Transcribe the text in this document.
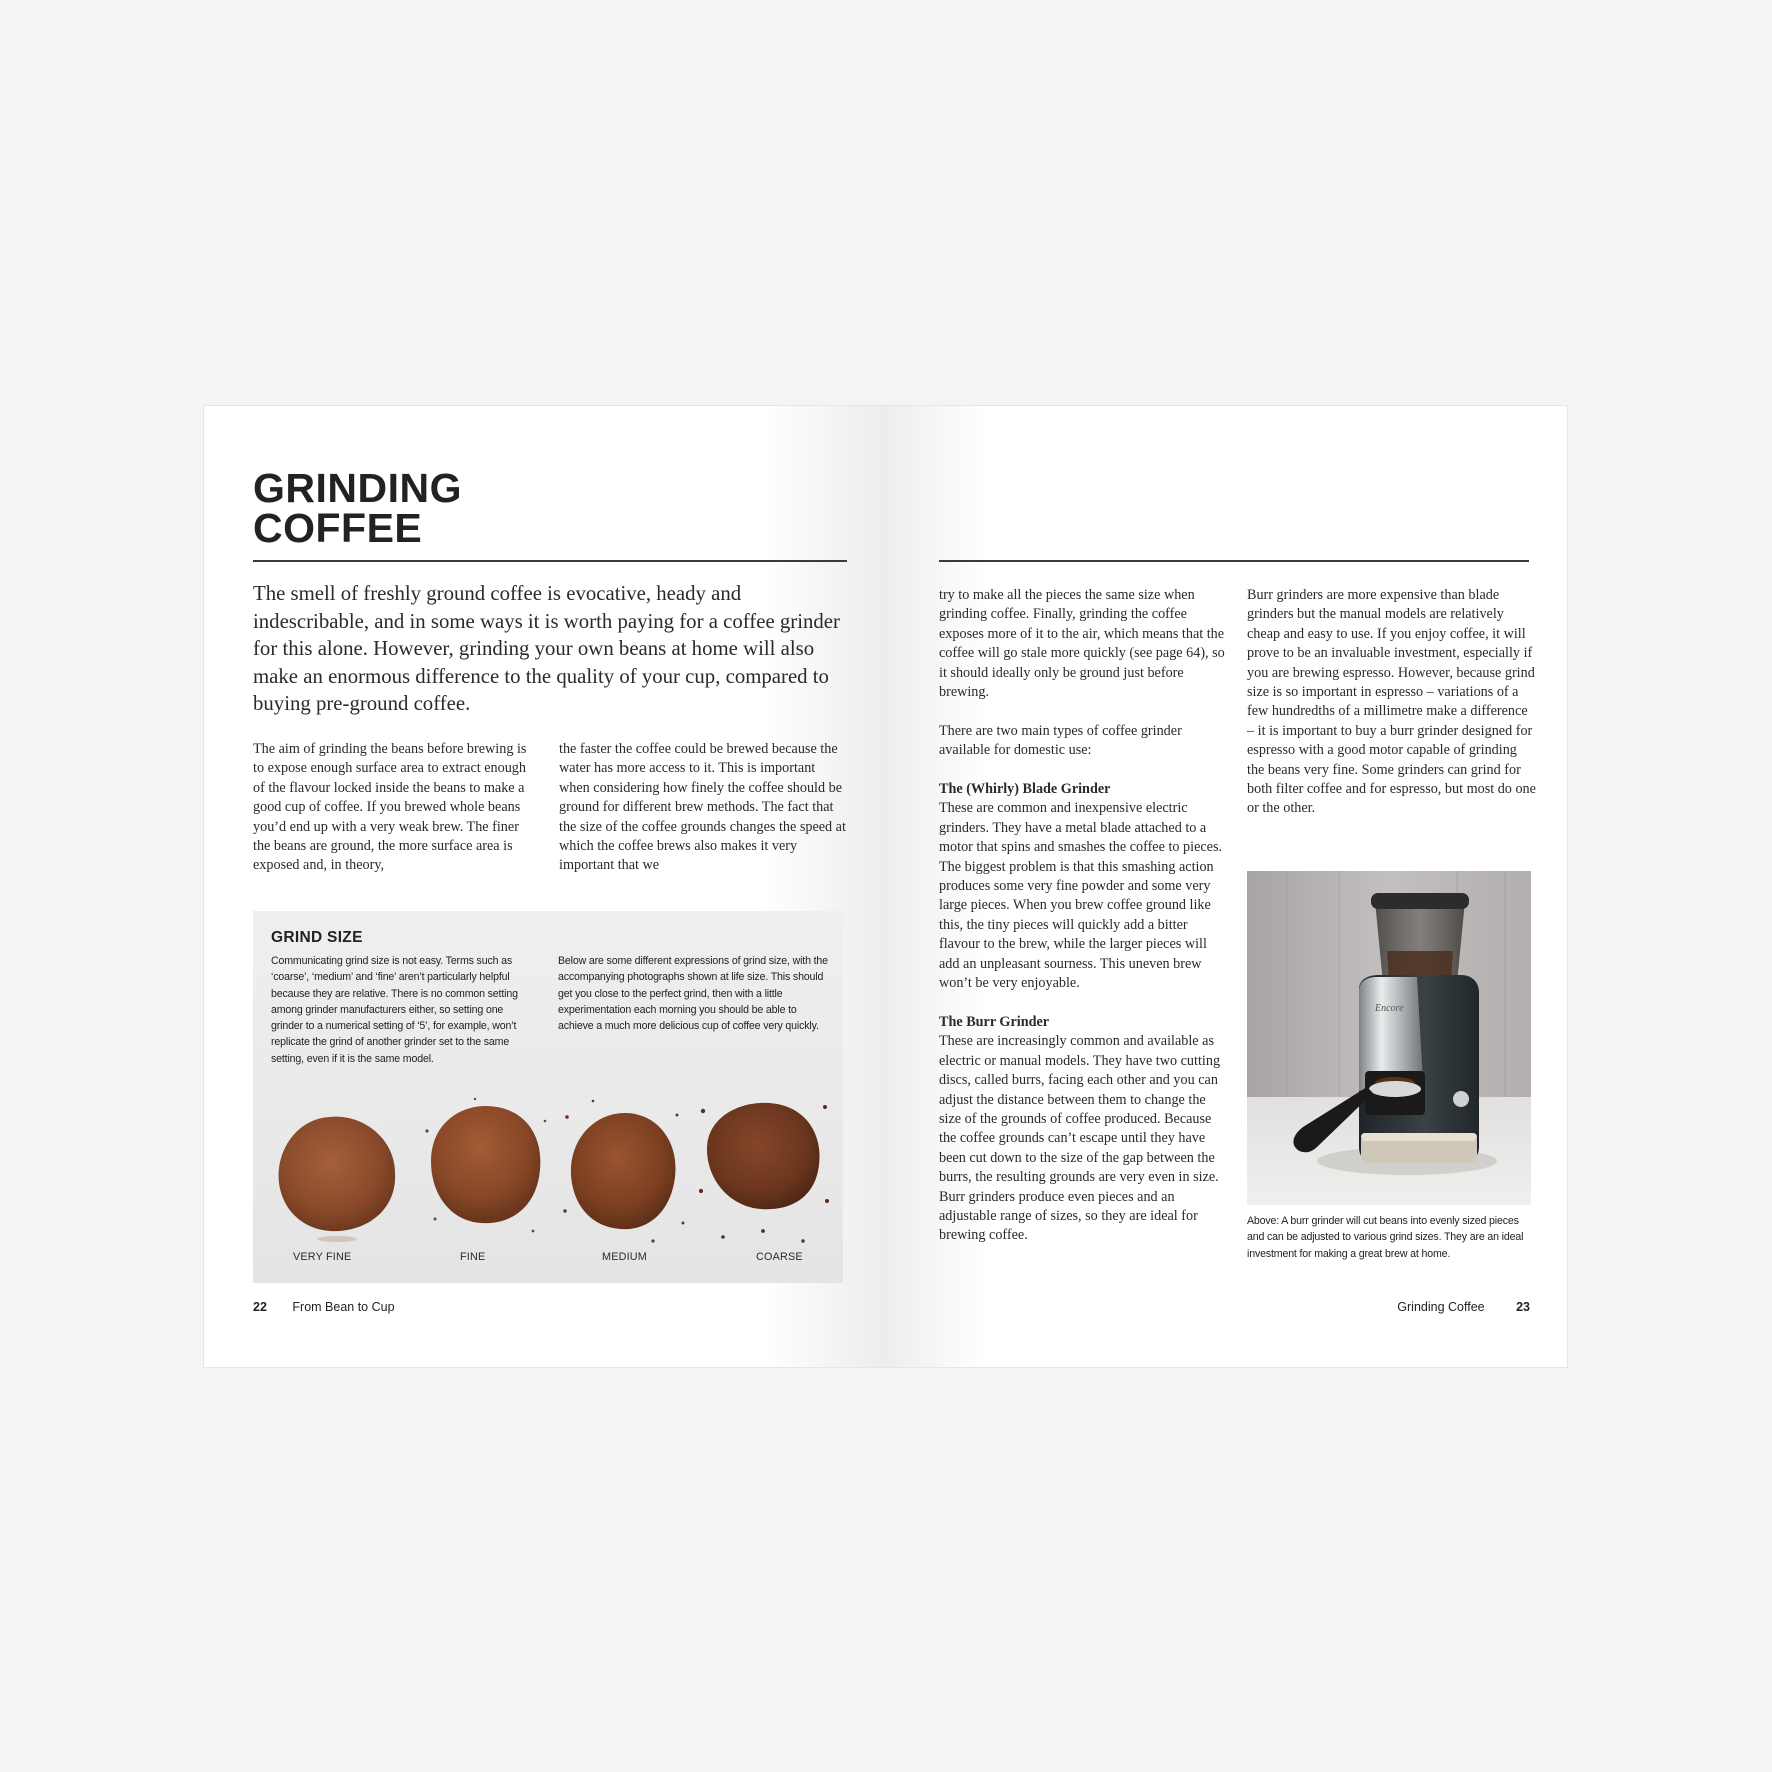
GRINDING
COFFEE

The smell of freshly ground coffee is evocative, heady and indescribable, and in some ways it is worth paying for a coffee grinder for this alone. However, grinding your own beans at home will also make an enormous difference to the quality of your cup, compared to buying pre-ground coffee.

The aim of grinding the beans before brewing is to expose enough surface area to extract enough of the flavour locked inside the beans to make a good cup of coffee. If you brewed whole beans you’d end up with a very weak brew. The finer the beans are ground, the more surface area is exposed and, in theory,

the faster the coffee could be brewed because the water has more access to it. This is important when considering how finely the coffee should be ground for different brew methods. The fact that the size of the coffee grounds changes the speed at which the coffee brews also makes it very important that we

GRIND SIZE

Communicating grind size is not easy. Terms such as ‘coarse’, ‘medium’ and ‘fine’ aren’t particularly helpful because they are relative. There is no common setting among grinder manufacturers either, so setting one grinder to a numerical setting of ‘5’, for example, won’t replicate the grind of another grinder set to the same setting, even if it is the same model.

Below are some different expressions of grind size, with the accompanying photographs shown at life size. This should get you close to the perfect grind, then with a little experimentation each morning you should be able to achieve a much more delicious cup of coffee very quickly.

VERY FINE	FINE	MEDIUM	COARSE
22 From Bean to Cup

try to make all the pieces the same size when grinding coffee. Finally, grinding the coffee exposes more of it to the air, which means that the coffee will go stale more quickly (see page 64), so it should ideally only be ground just before brewing.

There are two main types of coffee grinder available for domestic use:

The (Whirly) Blade Grinder
These are common and inexpensive electric grinders. They have a metal blade attached to a motor that spins and smashes the coffee to pieces. The biggest problem is that this smashing action produces some very fine powder and some very large pieces. When you brew coffee ground like this, the tiny pieces will quickly add a bitter flavour to the brew, while the larger pieces will add an unpleasant sourness. This uneven brew won’t be very enjoyable.

The Burr Grinder
These are increasingly common and available as electric or manual models. They have two cutting discs, called burrs, facing each other and you can adjust the distance between them to change the size of the grounds of coffee produced. Because the coffee grounds can’t escape until they have been cut down to the size of the gap between the burrs, the resulting grounds are very even in size. Burr grinders produce even pieces and an adjustable range of sizes, so they are ideal for brewing coffee.

Burr grinders are more expensive than blade grinders but the manual models are relatively cheap and easy to use. If you enjoy coffee, it will prove to be an invaluable investment, especially if you are brewing espresso. However, because grind size is so important in espresso – variations of a few hundredths of a millimetre make a difference – it is important to buy a burr grinder designed for espresso with a good motor capable of grinding the beans very fine. Some grinders can grind for both filter coffee and for espresso, but most do one or the other.

Encore

Above: A burr grinder will cut beans into evenly sized pieces and can be adjusted to various grind sizes. They are an ideal investment for making a great brew at home.

Grinding Coffee	23
